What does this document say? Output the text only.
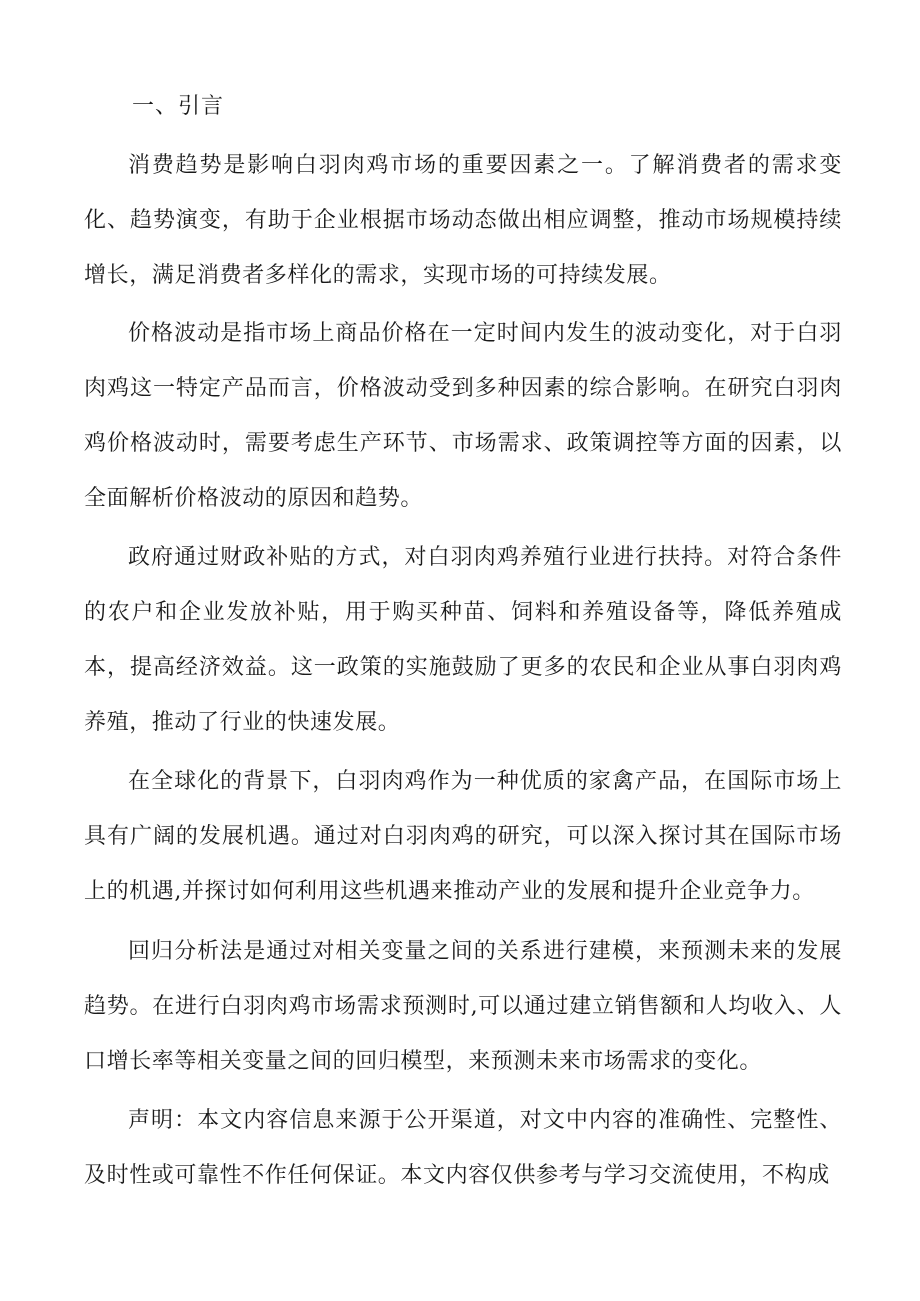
一、引言

消费趋势是影响白羽肉鸡市场的重要因素之一。了解消费者的需求变化、趋势演变，有助于企业根据市场动态做出相应调整，推动市场规模持续增长，满足消费者多样化的需求，实现市场的可持续发展。

价格波动是指市场上商品价格在一定时间内发生的波动变化，对于白羽肉鸡这一特定产品而言，价格波动受到多种因素的综合影响。在研究白羽肉鸡价格波动时，需要考虑生产环节、市场需求、政策调控等方面的因素，以全面解析价格波动的原因和趋势。

政府通过财政补贴的方式，对白羽肉鸡养殖行业进行扶持。对符合条件的农户和企业发放补贴，用于购买种苗、饲料和养殖设备等，降低养殖成本，提高经济效益。这一政策的实施鼓励了更多的农民和企业从事白羽肉鸡养殖，推动了行业的快速发展。

在全球化的背景下，白羽肉鸡作为一种优质的家禽产品，在国际市场上具有广阔的发展机遇。通过对白羽肉鸡的研究，可以深入探讨其在国际市场上的机遇,并探讨如何利用这些机遇来推动产业的发展和提升企业竞争力。

回归分析法是通过对相关变量之间的关系进行建模，来预测未来的发展趋势。在进行白羽肉鸡市场需求预测时,可以通过建立销售额和人均收入、人口增长率等相关变量之间的回归模型，来预测未来市场需求的变化。

声明：本文内容信息来源于公开渠道，对文中内容的准确性、完整性、及时性或可靠性不作任何保证。本文内容仅供参考与学习交流使用，不构成
